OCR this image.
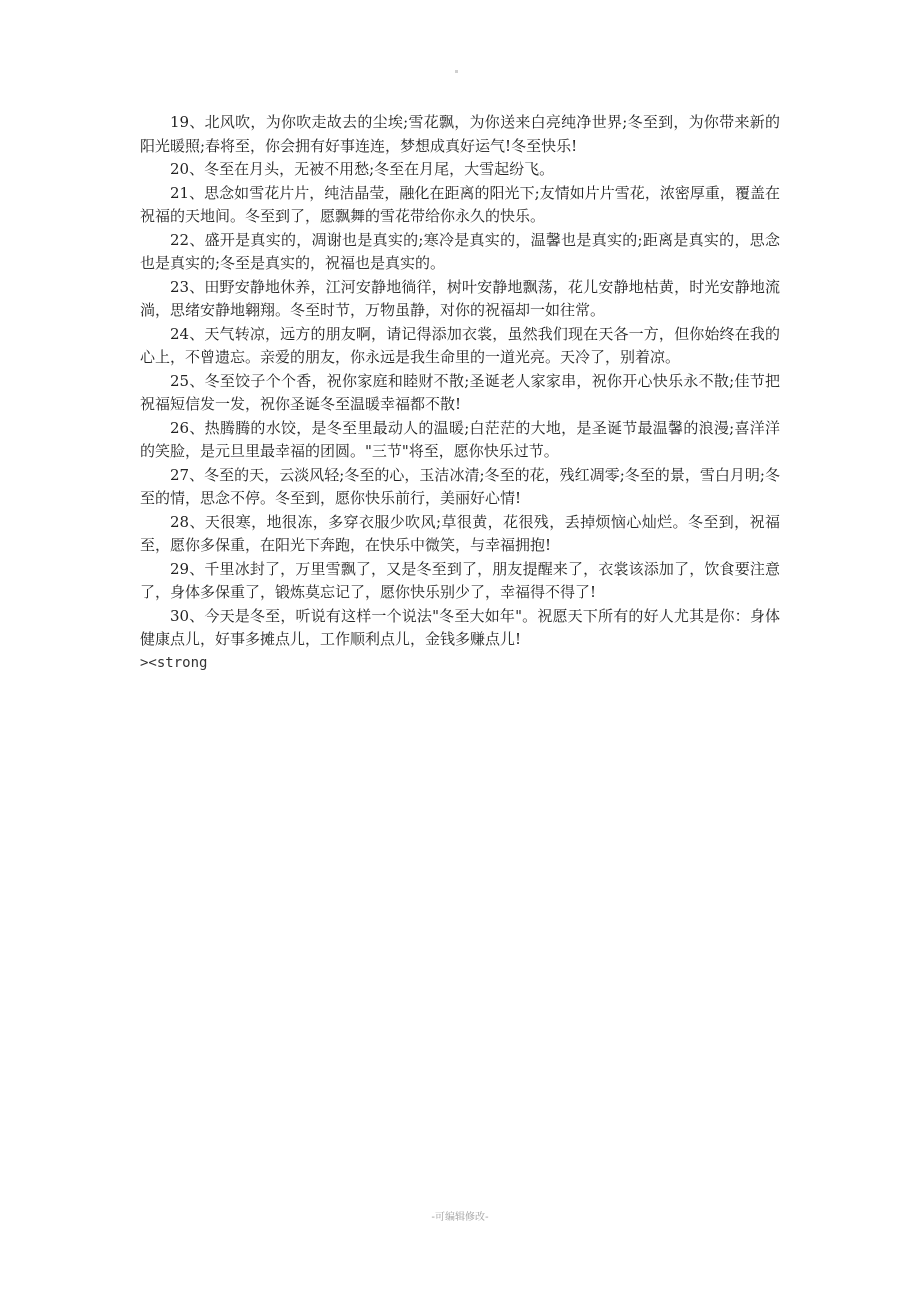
19、北风吹，为你吹走故去的尘埃;雪花飘，为你送来白亮纯净世界;冬至到，为你带来新的阳光暖照;春将至，你会拥有好事连连，梦想成真好运气!冬至快乐!

20、冬至在月头，无被不用愁;冬至在月尾，大雪起纷飞。

21、思念如雪花片片，纯洁晶莹，融化在距离的阳光下;友情如片片雪花，浓密厚重，覆盖在祝福的天地间。冬至到了，愿飘舞的雪花带给你永久的快乐。

22、盛开是真实的，凋谢也是真实的;寒冷是真实的，温馨也是真实的;距离是真实的，思念也是真实的;冬至是真实的，祝福也是真实的。

23、田野安静地休养，江河安静地徜徉，树叶安静地飘荡，花儿安静地枯黄，时光安静地流淌，思绪安静地翱翔。冬至时节，万物虽静，对你的祝福却一如往常。

24、天气转凉，远方的朋友啊，请记得添加衣裳，虽然我们现在天各一方，但你始终在我的心上，不曾遗忘。亲爱的朋友，你永远是我生命里的一道光亮。天冷了，别着凉。

25、冬至饺子个个香，祝你家庭和睦财不散;圣诞老人家家串，祝你开心快乐永不散;佳节把祝福短信发一发，祝你圣诞冬至温暖幸福都不散!

26、热腾腾的水饺，是冬至里最动人的温暖;白茫茫的大地，是圣诞节最温馨的浪漫;喜洋洋的笑脸，是元旦里最幸福的团圆。"三节"将至，愿你快乐过节。

27、冬至的天，云淡风轻;冬至的心，玉洁冰清;冬至的花，残红凋零;冬至的景，雪白月明;冬至的情，思念不停。冬至到，愿你快乐前行，美丽好心情!

28、天很寒，地很冻，多穿衣服少吹风;草很黄，花很残，丢掉烦恼心灿烂。冬至到，祝福至，愿你多保重，在阳光下奔跑，在快乐中微笑，与幸福拥抱!

29、千里冰封了，万里雪飘了，又是冬至到了，朋友提醒来了，衣裳该添加了，饮食要注意了，身体多保重了，锻炼莫忘记了，愿你快乐别少了，幸福得不得了!

30、今天是冬至，听说有这样一个说法"冬至大如年"。祝愿天下所有的好人尤其是你：身体健康点儿，好事多摊点儿，工作顺利点儿，金钱多赚点儿!

><strong

-可编辑修改-
